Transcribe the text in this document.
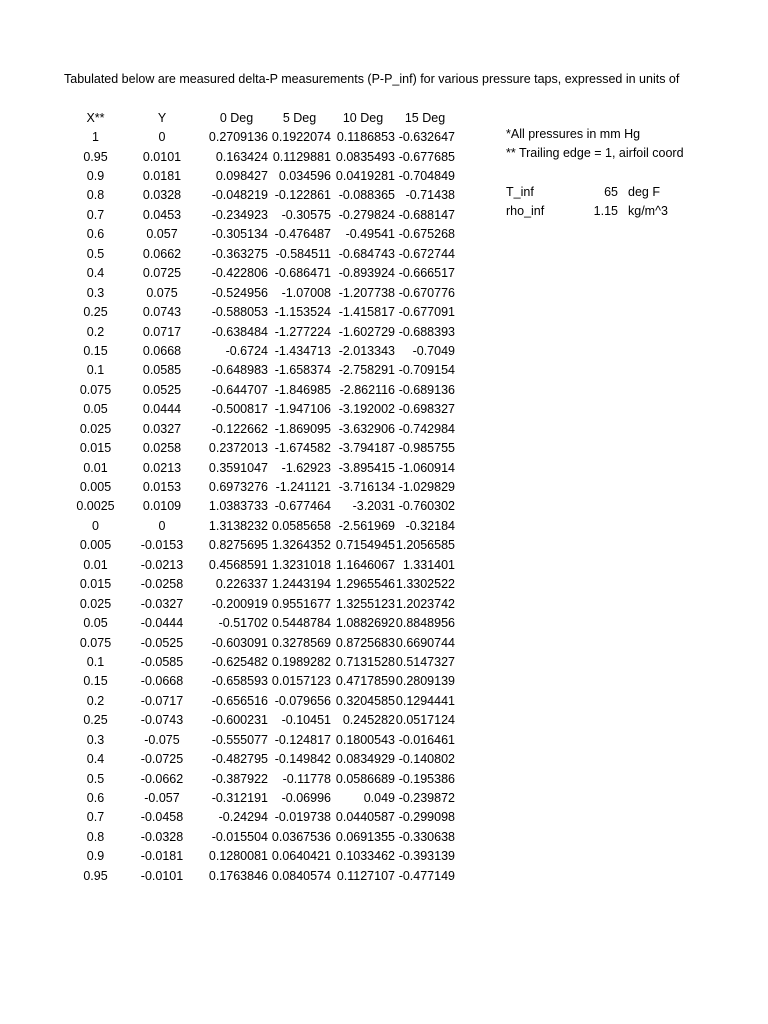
Tabulated below are measured delta-P measurements (P-P_inf) for various pressure taps, expressed in units of
X**	Y	0 Deg	5 Deg	10 Deg	15 Deg
1	0	0.2709136	0.1922074	0.1186853	-0.632647
0.95	0.0101	0.163424	0.1129881	0.0835493	-0.677685
0.9	0.0181	0.098427	0.034596	0.0419281	-0.704849
0.8	0.0328	-0.048219	-0.122861	-0.088365	-0.71438
0.7	0.0453	-0.234923	-0.30575	-0.279824	-0.688147
0.6	0.057	-0.305134	-0.476487	-0.49541	-0.675268
0.5	0.0662	-0.363275	-0.584511	-0.684743	-0.672744
0.4	0.0725	-0.422806	-0.686471	-0.893924	-0.666517
0.3	0.075	-0.524956	-1.07008	-1.207738	-0.670776
0.25	0.0743	-0.588053	-1.153524	-1.415817	-0.677091
0.2	0.0717	-0.638484	-1.277224	-1.602729	-0.688393
0.15	0.0668	-0.6724	-1.434713	-2.013343	-0.7049
0.1	0.0585	-0.648983	-1.658374	-2.758291	-0.709154
0.075	0.0525	-0.644707	-1.846985	-2.862116	-0.689136
0.05	0.0444	-0.500817	-1.947106	-3.192002	-0.698327
0.025	0.0327	-0.122662	-1.869095	-3.632906	-0.742984
0.015	0.0258	0.2372013	-1.674582	-3.794187	-0.985755
0.01	0.0213	0.3591047	-1.62923	-3.895415	-1.060914
0.005	0.0153	0.6973276	-1.241121	-3.716134	-1.029829
0.0025	0.0109	1.0383733	-0.677464	-3.2031	-0.760302
0	0	1.3138232	0.0585658	-2.561969	-0.32184
0.005	-0.0153	0.8275695	1.3264352	0.7154945	1.2056585
0.01	-0.0213	0.4568591	1.3231018	1.1646067	1.331401
0.015	-0.0258	0.226337	1.2443194	1.2965546	1.3302522
0.025	-0.0327	-0.200919	0.9551677	1.3255123	1.2023742
0.05	-0.0444	-0.51702	0.5448784	1.0882692	0.8848956
0.075	-0.0525	-0.603091	0.3278569	0.8725683	0.6690744
0.1	-0.0585	-0.625482	0.1989282	0.7131528	0.5147327
0.15	-0.0668	-0.658593	0.0157123	0.4717859	0.2809139
0.2	-0.0717	-0.656516	-0.079656	0.3204585	0.1294441
0.25	-0.0743	-0.600231	-0.10451	0.245282	0.0517124
0.3	-0.075	-0.555077	-0.124817	0.1800543	-0.016461
0.4	-0.0725	-0.482795	-0.149842	0.0834929	-0.140802
0.5	-0.0662	-0.387922	-0.11778	0.0586689	-0.195386
0.6	-0.057	-0.312191	-0.06996	0.049	-0.239872
0.7	-0.0458	-0.24294	-0.019738	0.0440587	-0.299098
0.8	-0.0328	-0.015504	0.0367536	0.0691355	-0.330638
0.9	-0.0181	0.1280081	0.0640421	0.1033462	-0.393139
0.95	-0.0101	0.1763846	0.0840574	0.1127107	-0.477149
*All pressures in mm Hg
** Trailing edge = 1, airfoil coord
T_inf	65 deg F
rho_inf	1.15 kg/m^3
